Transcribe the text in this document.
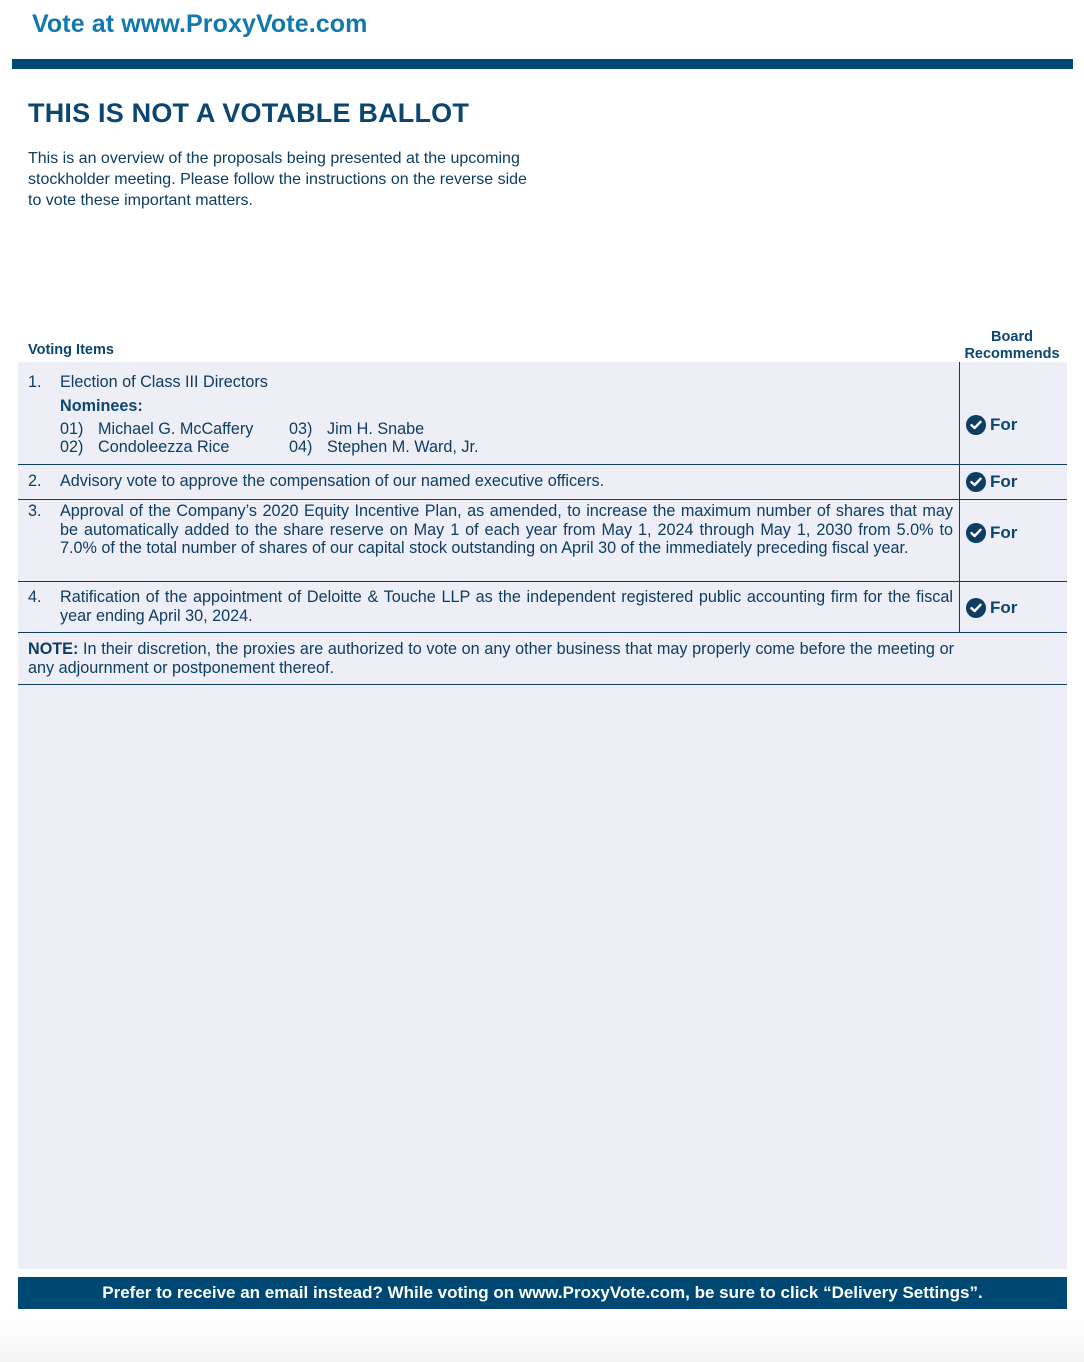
Vote at www.ProxyVote.com
THIS IS NOT A VOTABLE BALLOT

This is an overview of the proposals being presented at the upcoming stockholder meeting. Please follow the instructions on the reverse side to vote these important matters.

Voting Items
Board
Recommends
1. Election of Class III Directors
Nominees:
01) Michael G. McCaffery
02) Condoleezza Rice
03) Jim H. Snabe
04) Stephen M. Ward, Jr.
For
2. Advisory vote to approve the compensation of our named executive officers.	For
3. Approval of the Company’s 2020 Equity Incentive Plan, as amended, to increase the maximum number of shares that may be automatically added to the share reserve on May 1 of each year from May 1, 2024 through May 1, 2030 from 5.0% to 7.0% of the total number of shares of our capital stock outstanding on April 30 of the immediately preceding fiscal year.
For
4. Ratification of the appointment of Deloitte & Touche LLP as the independent registered public accounting firm for the fiscal year ending April 30, 2024.	For
NOTE: In their discretion, the proxies are authorized to vote on any other business that may properly come before the meeting or any adjournment or postponement thereof.
Prefer to receive an email instead? While voting on www.ProxyVote.com, be sure to click “Delivery Settings”.
